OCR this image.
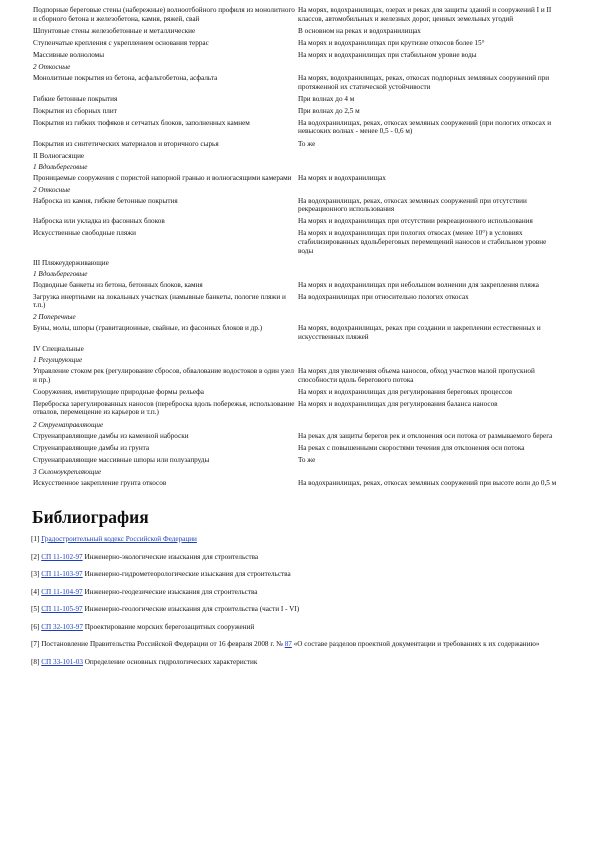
Подпорные береговые стены (набережные) волноотбойного профиля из монолитного и сборного бетона и железобетона, камня, ряжей, свай	На морях, водохранилищах, озерах и реках для защиты зданий и сооружений I и II классов, автомобильных и железных дорог, ценных земельных угодий
Шпунтовые стены железобетонные и металлические	В основном на реках и водохранилищах
Ступенчатые крепления с укреплением основания террас	На морях и водохранилищах при крутизне откосов более 15°
Массивные волноломы	На морях и водохранилищах при стабильном уровне воды
2 Откосные	
Монолитные покрытия из бетона, асфальтобетона, асфальта	На морях, водохранилищах, реках, откосах подпорных земляных сооружений при протяженной их статической устойчивости
Гибкие бетонные покрытия	При волнах до 4 м
Покрытия из сборных плит	При волнах до 2,5 м
Покрытия из гибких тюфяков и сетчатых блоков, заполненных камнем	На водохранилищах, реках, откосах земляных сооружений (при пологих откосах и невысоких волнах - менее 0,5 - 0,6 м)
Покрытия из синтетических материалов и вторичного сырья	То же
II Волногасящие	
1 Вдольбереговые	
Проницаемые сооружения с пористой напорной гранью и волногасящими камерами	На морях и водохранилищах
2 Откосные	
Наброска из камня, гибкие бетонные покрытия	На водохранилищах, реках, откосах земляных сооружений при отсутствии рекреационного использования
Наброска или укладка из фасонных блоков	На морях и водохранилищах при отсутствии рекреационного использования
Искусственные свободные пляжи	На морях и водохранилищах при пологих откосах (менее 10°) в условиях стабилизированных вдольбереговых перемещений наносов и стабильном уровне воды
III Пляжеудерживающие	
1 Вдольбереговые	
Подводные банкеты из бетона, бетонных блоков, камня	На морях и водохранилищах при небольшом волнении для закрепления пляжа
Загрузка инертными на локальных участках (намывные банкеты, пологие пляжи и т.п.)	На водохранилищах при относительно пологих откосах
2 Поперечные	
Буны, молы, шпоры (гравитационные, свайные, из фасонных блоков и др.)	На морях, водохранилищах, реках при создании и закреплении естественных и искусственных пляжей
IV Специальные	
1 Регулирующие	
Управление стоком рек (регулирование сбросов, обвалование водостоков в один узел и пр.)	На морях для увеличения объема наносов, обход участков малой пропускной способности вдоль берегового потока
Сооружения, имитирующие природные формы рельефа	На морях и водохранилищах для регулирования береговых процессов
Переброска зарегулированных наносов (переброска вдоль побережья, использование отвалов, перемещение из карьеров и т.п.)	На морях и водохранилищах для регулирования баланса наносов
2 Струенаправляющие	
Струенаправляющие дамбы из каменной наброски	На реках для защиты берегов рек и отклонения оси потока от размываемого берега
Струенаправляющие дамбы из грунта	На реках с повышенными скоростями течения для отклонения оси потока
Струенаправляющие массивные шпоры или полузапруды	То же
3 Склоноукрепляющие	
Искусственное закрепление грунта откосов	На водохранилищах, реках, откосах земляных сооружений при высоте волн до 0,5 м
Библиография
[1] Градостроительный кодекс Российской Федерации
[2] СП 11-102-97 Инженерно-экологические изыскания для строительства
[3] СП 11-103-97 Инженерно-гидрометеорологические изыскания для строительства
[4] СП 11-104-97 Инженерно-геодезические изыскания для строительства
[5] СП 11-105-97 Инженерно-геологические изыскания для строительства (части I - VI)
[6] СП 32-103-97 Проектирование морских берегозащитных сооружений
[7] Постановление Правительства Российской Федерации от 16 февраля 2008 г. № 87 «О составе разделов проектной документации и требованиях к их содержанию»
[8] СП 33-101-03 Определение основных гидрологических характеристик
